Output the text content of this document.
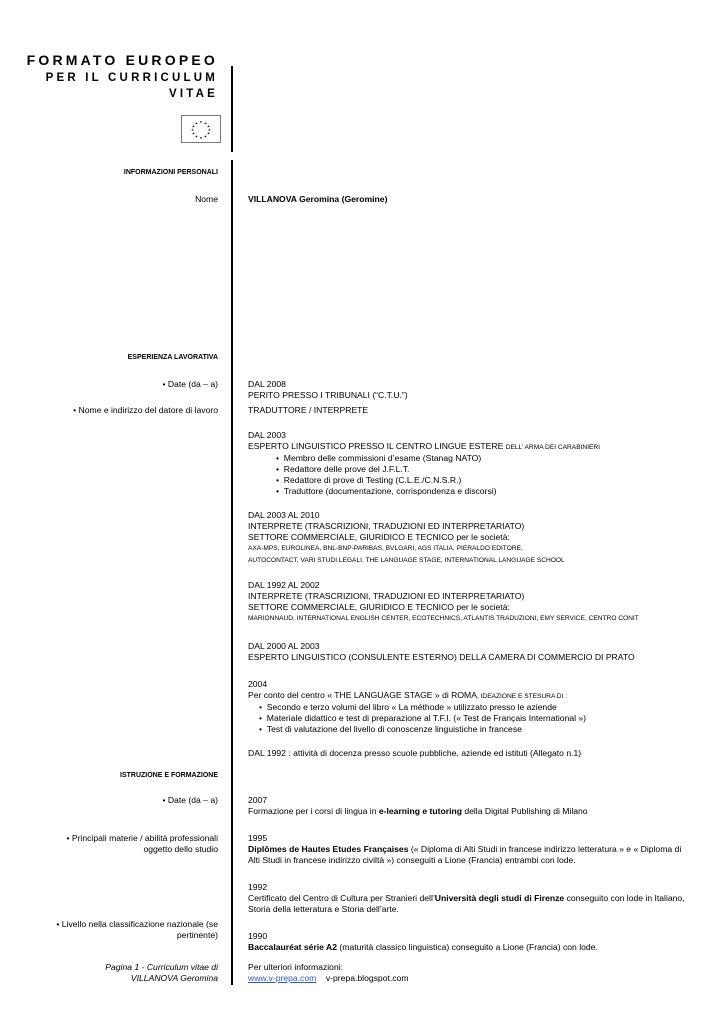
FORMATO EUROPEO
PER IL CURRICULUM
VITAE
★ ★
★
★
★
★
★
★
★
★
★
★
INFORMAZIONI PERSONALI
Nome	VILLANOVA Geromina (Geromine)
ESPERIENZA LAVORATIVA
• Date (da – a)
• Nome e indirizzo del datore di lavoro
DAL 2008
PERITO PRESSO I TRIBUNALI (“C.T.U.”)
TRADUTTORE / INTERPRETE
DAL 2003
ESPERTO LINGUISTICO PRESSO IL CENTRO LINGUE ESTERE DELL’ ARMA DEI CARABINIERI
•  Membro delle commissioni d’esame (Stanag NATO)
•  Redattore delle prove del J.F.L.T.
•  Redattore di prove di Testing (C.L.E./C.N.S.R.)
•  Traduttore (documentazione, corrispondenza e discorsi)
DAL 2003 AL 2010
INTERPRETE (TRASCRIZIONI, TRADUZIONI ED INTERPRETARIATO)
SETTORE COMMERCIALE, GIURIDICO E TECNICO per le società:
AXA-MPS, EUROLINEA, BNL-BNP-PARIBAS, BVLGARI, AGS ITALIA, PIERALDO EDITORE,
AUTOCONTACT, VARI STUDI LEGALI, THE LANGUAGE STAGE, INTERNATIONAL LANGUAGE SCHOOL
DAL 1992 AL 2002
INTERPRETE (TRASCRIZIONI, TRADUZIONI ED INTERPRETARIATO)
SETTORE COMMERCIALE, GIURIDICO E TECNICO per le società:
MARIONNAUD, INTERNATIONAL ENGLISH CENTER, ECOTECHNICS, ATLANTIS TRADUZIONI, EMY SERVICE, CENTRO CONIT
DAL 2000 AL 2003
ESPERTO LINGUISTICO (CONSULENTE ESTERNO) DELLA CAMERA DI COMMERCIO DI PRATO
2004
Per conto del centro « THE LANGUAGE STAGE » di ROMA, IDEAZIONE E STESURA DI :
•  Secondo e terzo volumi del libro « La méthode » utilizzato presso le aziende
•  Materiale didattico e test di preparazione al T.F.I. (« Test de Français International »)
•  Test di valutazione del livello di conoscenze linguistiche in francese
DAL 1992 : attività di docenza presso scuole pubbliche, aziende ed istituti (Allegato n.1)
ISTRUZIONE E FORMAZIONE
• Date (da – a)
• Principali materie / abilità professionali oggetto dello studio
• Livello nella classificazione nazionale (se pertinente)
2007
Formazione per i corsi di lingua in e-learning e tutoring della Digital Publishing di Milano
1995
Diplômes de Hautes Etudes Françaises (« Diploma di Alti Studi in francese indirizzo letteratura » e « Diploma di Alti Studi in francese indirizzo civiltà ») conseguiti a Lione (Francia) entrambi con lode.
1992
Certificato del Centro di Cultura per Stranieri dell’Università degli studi di Firenze conseguito con lode in Italiano, Storia della letteratura e Storia dell’arte.
1990
Baccalauréat série A2 (maturità classico linguistica) conseguito a Lione (Francia) con lode.
Pagina 1 - Curriculum vitae di
VILLANOVA Geromina
Per ulteriori informazioni:
www.v-prepa.com v-prepa.blogspot.com
